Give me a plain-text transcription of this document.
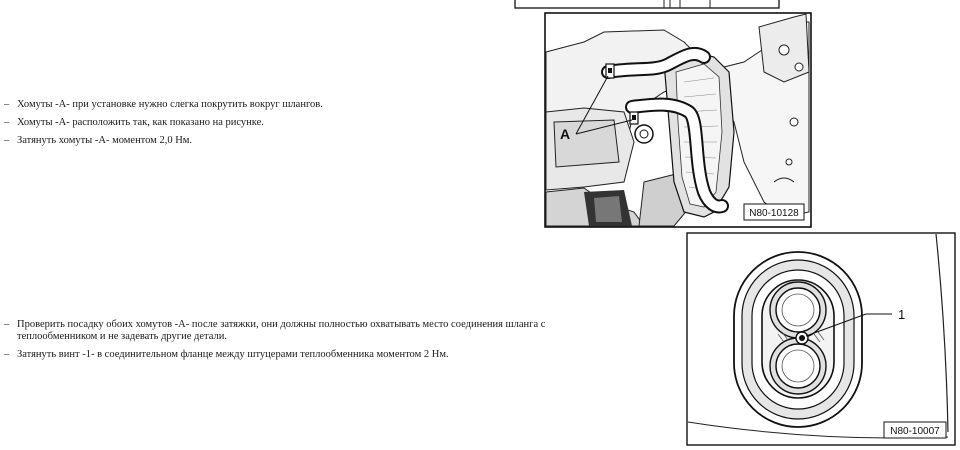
– Хомуты -А- при установке нужно слегка покрутить вокруг шлангов.
– Хомуты -А- расположить так, как показано на рисунке.
– Затянуть хомуты -А- моментом 2,0 Нм.
– Проверить посадку обоих хомутов -А- после затяжки, они должны полностью охватывать место соединения шланга с
теплообменником и не задевать другие детали.
– Затянуть винт -1- в соединительном фланце между штуцерами теплообменника моментом 2 Нм.
A
N80-10128
1
N80-10007
